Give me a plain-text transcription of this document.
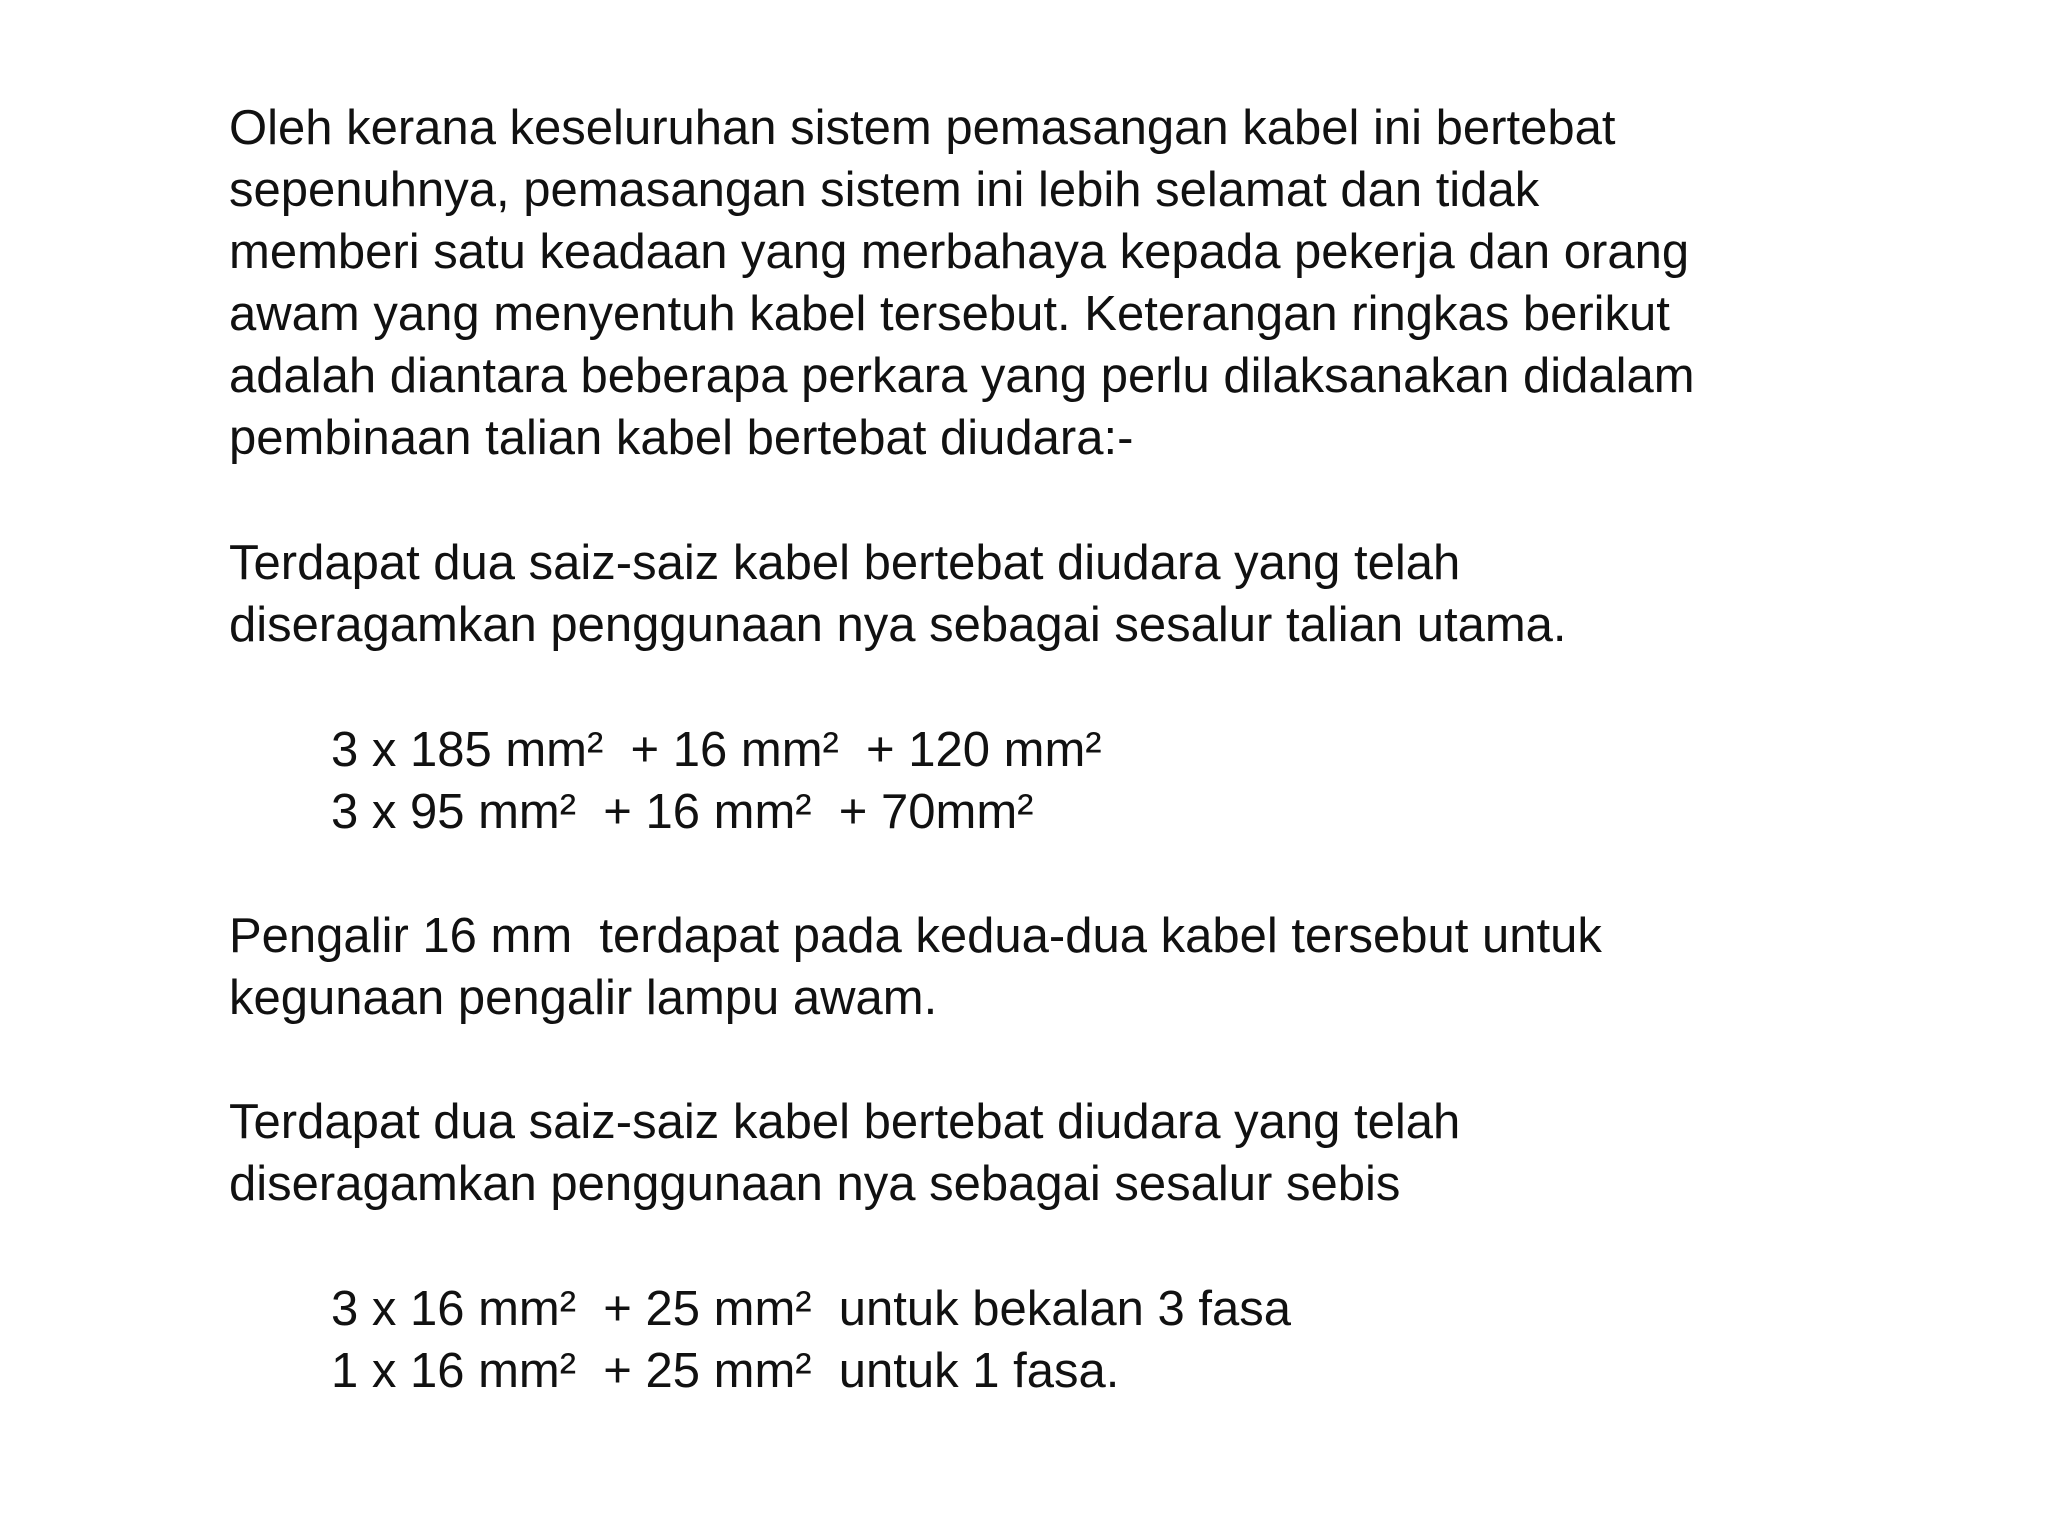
Oleh kerana keseluruhan sistem pemasangan kabel ini bertebat
sepenuhnya, pemasangan sistem ini lebih selamat dan tidak
memberi satu keadaan yang merbahaya kepada pekerja dan orang
awam yang menyentuh kabel tersebut. Keterangan ringkas berikut
adalah diantara beberapa perkara yang perlu dilaksanakan didalam
pembinaan talian kabel bertebat diudara:-
Terdapat dua saiz-saiz kabel bertebat diudara yang telah
diseragamkan penggunaan nya sebagai sesalur talian utama.
3 x 185 mm²  + 16 mm²  + 120 mm²
3 x 95 mm²  + 16 mm²  + 70mm²
Pengalir 16 mm  terdapat pada kedua-dua kabel tersebut untuk
kegunaan pengalir lampu awam.
Terdapat dua saiz-saiz kabel bertebat diudara yang telah
diseragamkan penggunaan nya sebagai sesalur sebis
3 x 16 mm²  + 25 mm²  untuk bekalan 3 fasa
1 x 16 mm²  + 25 mm²  untuk 1 fasa.
